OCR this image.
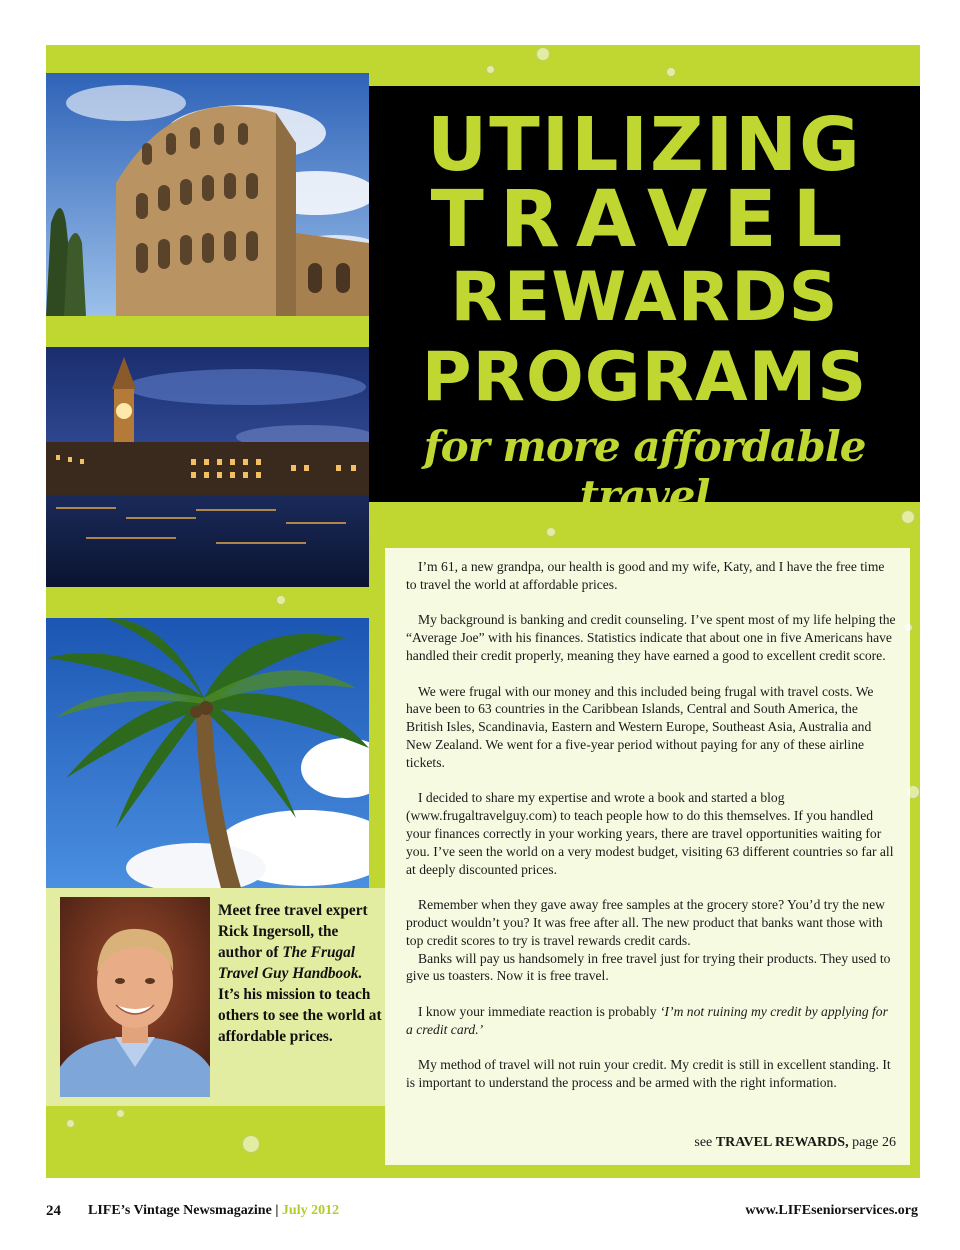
UTILIZING
TRAVEL
REWARDS
PROGRAMS
for more affordable travel

I’m 61, a new grandpa, our health is good and my wife, Katy, and I have the free time to travel the world at affordable prices.

My background is banking and credit counseling. I’ve spent most of my life helping the “Average Joe” with his finances. Statistics indicate that about one in five Americans have handled their credit properly, meaning they have earned a good to excellent credit score.

We were frugal with our money and this included being frugal with travel costs. We have been to 63 countries in the Caribbean Islands, Central and South America, the British Isles, Scandinavia, Eastern and Western Europe, Southeast Asia, Australia and New Zealand. We went for a five-year period without paying for any of these airline tickets.

I decided to share my expertise and wrote a book and started a blog (www.frugaltravelguy.com) to teach people how to do this themselves. If you handled your finances correctly in your working years, there are travel opportunities waiting for you. I’ve seen the world on a very modest budget, visiting 63 different countries so far all at deeply discounted prices.

Remember when they gave away free samples at the grocery store? You’d try the new product wouldn’t you? It was free after all. The new product that banks want those with top credit scores to try is travel rewards credit cards.

Banks will pay us handsomely in free travel just for trying their products. They used to give us toasters. Now it is free travel.

I know your immediate reaction is probably ‘I’m not ruining my credit by applying for a credit card.’

My method of travel will not ruin your credit. My credit is still in excellent standing. It is important to understand the process and be armed with the right information.

see TRAVEL REWARDS, page 26
Meet free travel expert Rick Ingersoll, the author of The Frugal Travel Guy Handbook. It’s his mission to teach others to see the world at affordable prices.
24 LIFE’s Vintage Newsmagazine | July 2012	www.LIFEseniorservices.org
